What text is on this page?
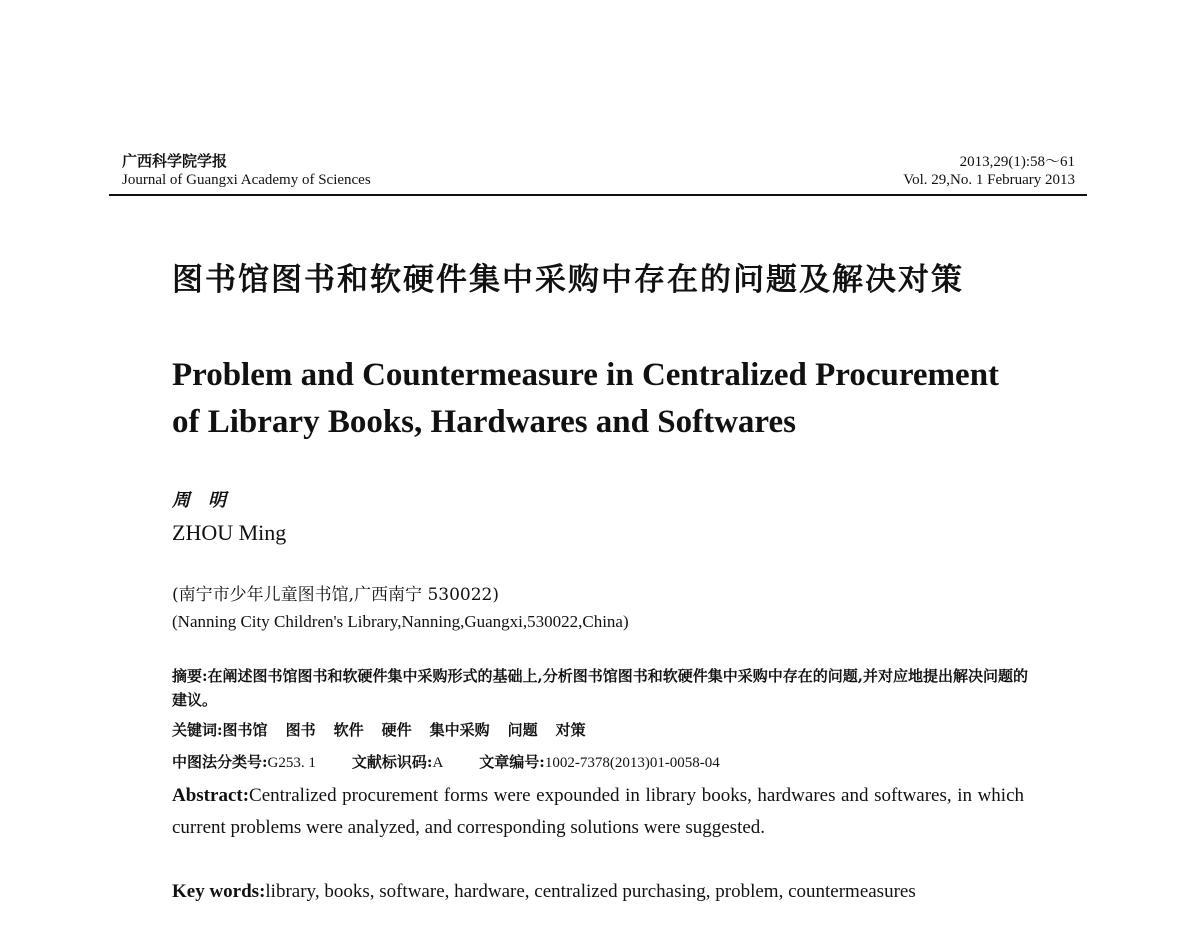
广西科学院学报
Journal of Guangxi Academy of Sciences
2013,29(1):58～61
Vol. 29,No. 1 February 2013
图书馆图书和软硬件集中采购中存在的问题及解决对策
Problem and Countermeasure in Centralized Procurement of Library Books, Hardwares and Softwares
周明
ZHOU Ming
(南宁市少年儿童图书馆,广西南宁 530022)
(Nanning City Children's Library,Nanning,Guangxi,530022,China)
摘要:在阐述图书馆图书和软硬件集中采购形式的基础上,分析图书馆图书和软硬件集中采购中存在的问题,并对应地提出解决问题的建议。
关键词:图书馆 图书 软件 硬件 集中采购 问题 对策
中图法分类号:G253. 1 文献标识码:A 文章编号:1002-7378(2013)01-0058-04
Abstract:Centralized procurement forms were expounded in library books, hardwares and softwares, in which current problems were analyzed, and corresponding solutions were suggested.
Key words:library, books, software, hardware, centralized purchasing, problem, countermeasures
